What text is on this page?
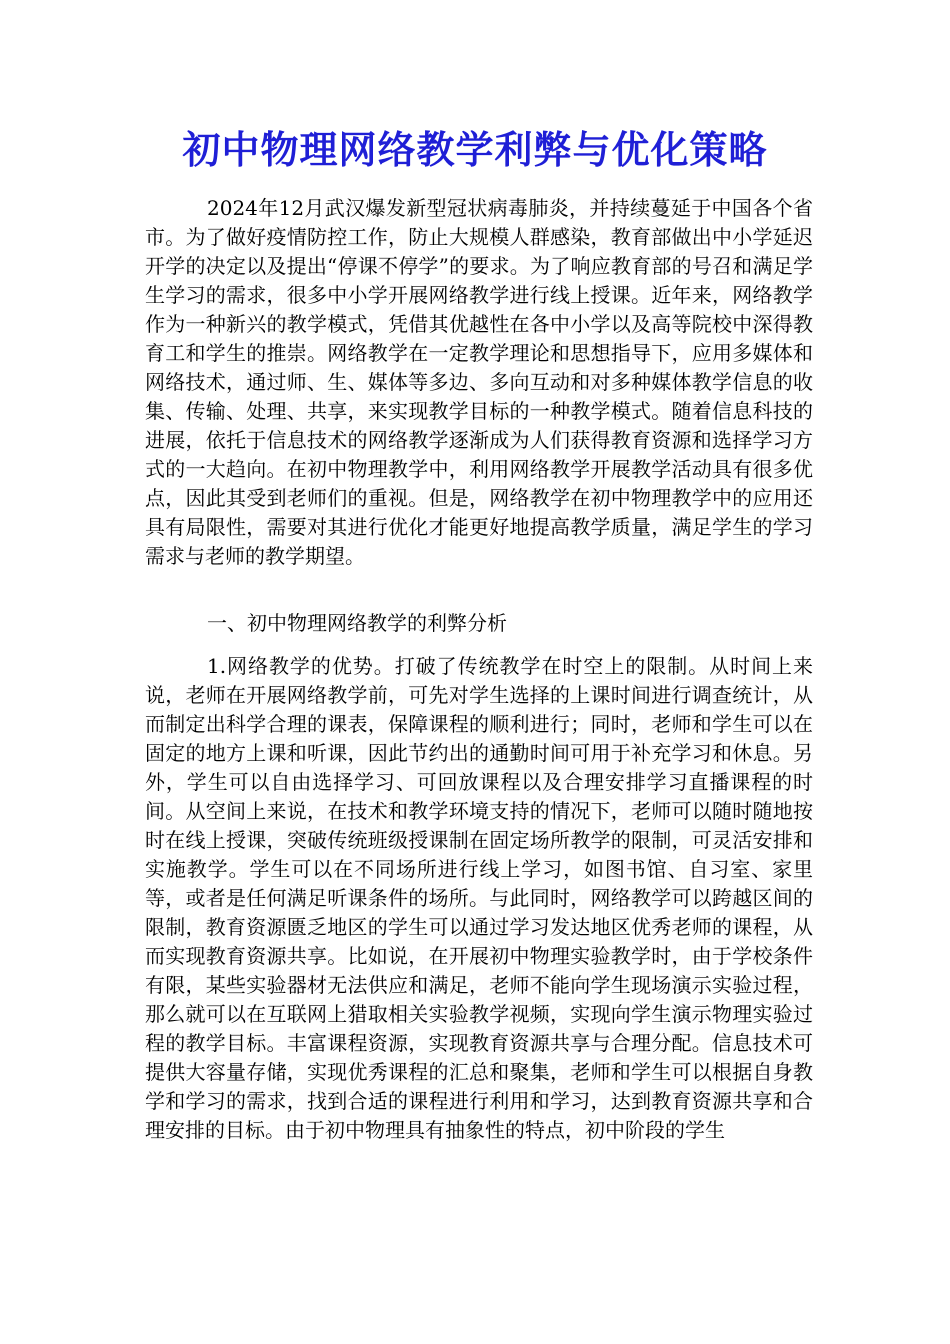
初中物理网络教学利弊与优化策略

2024年12月武汉爆发新型冠状病毒肺炎，并持续蔓延于中国各个省市。为了做好疫情防控工作，防止大规模人群感染，教育部做出中小学延迟开学的决定以及提出“停课不停学”的要求。为了响应教育部的号召和满足学生学习的需求，很多中小学开展网络教学进行线上授课。近年来，网络教学作为一种新兴的教学模式，凭借其优越性在各中小学以及高等院校中深得教育工和学生的推崇。网络教学在一定教学理论和思想指导下，应用多媒体和网络技术，通过师、生、媒体等多边、多向互动和对多种媒体教学信息的收集、传输、处理、共享，来实现教学目标的一种教学模式。随着信息科技的进展，依托于信息技术的网络教学逐渐成为人们获得教育资源和选择学习方式的一大趋向。在初中物理教学中，利用网络教学开展教学活动具有很多优点，因此其受到老师们的重视。但是，网络教学在初中物理教学中的应用还具有局限性，需要对其进行优化才能更好地提高教学质量，满足学生的学习需求与老师的教学期望。

一、初中物理网络教学的利弊分析

1.网络教学的优势。打破了传统教学在时空上的限制。从时间上来说，老师在开展网络教学前，可先对学生选择的上课时间进行调查统计，从而制定出科学合理的课表，保障课程的顺利进行；同时，老师和学生可以在固定的地方上课和听课，因此节约出的通勤时间可用于补充学习和休息。另外，学生可以自由选择学习、可回放课程以及合理安排学习直播课程的时间。从空间上来说，在技术和教学环境支持的情况下，老师可以随时随地按时在线上授课，突破传统班级授课制在固定场所教学的限制，可灵活安排和实施教学。学生可以在不同场所进行线上学习，如图书馆、自习室、家里等，或者是任何满足听课条件的场所。与此同时，网络教学可以跨越区间的限制，教育资源匮乏地区的学生可以通过学习发达地区优秀老师的课程，从而实现教育资源共享。比如说，在开展初中物理实验教学时，由于学校条件有限，某些实验器材无法供应和满足，老师不能向学生现场演示实验过程，那么就可以在互联网上猎取相关实验教学视频，实现向学生演示物理实验过程的教学目标。丰富课程资源，实现教育资源共享与合理分配。信息技术可提供大容量存储，实现优秀课程的汇总和聚集，老师和学生可以根据自身教学和学习的需求，找到合适的课程进行利用和学习，达到教育资源共享和合理安排的目标。由于初中物理具有抽象性的特点，初中阶段的学生
